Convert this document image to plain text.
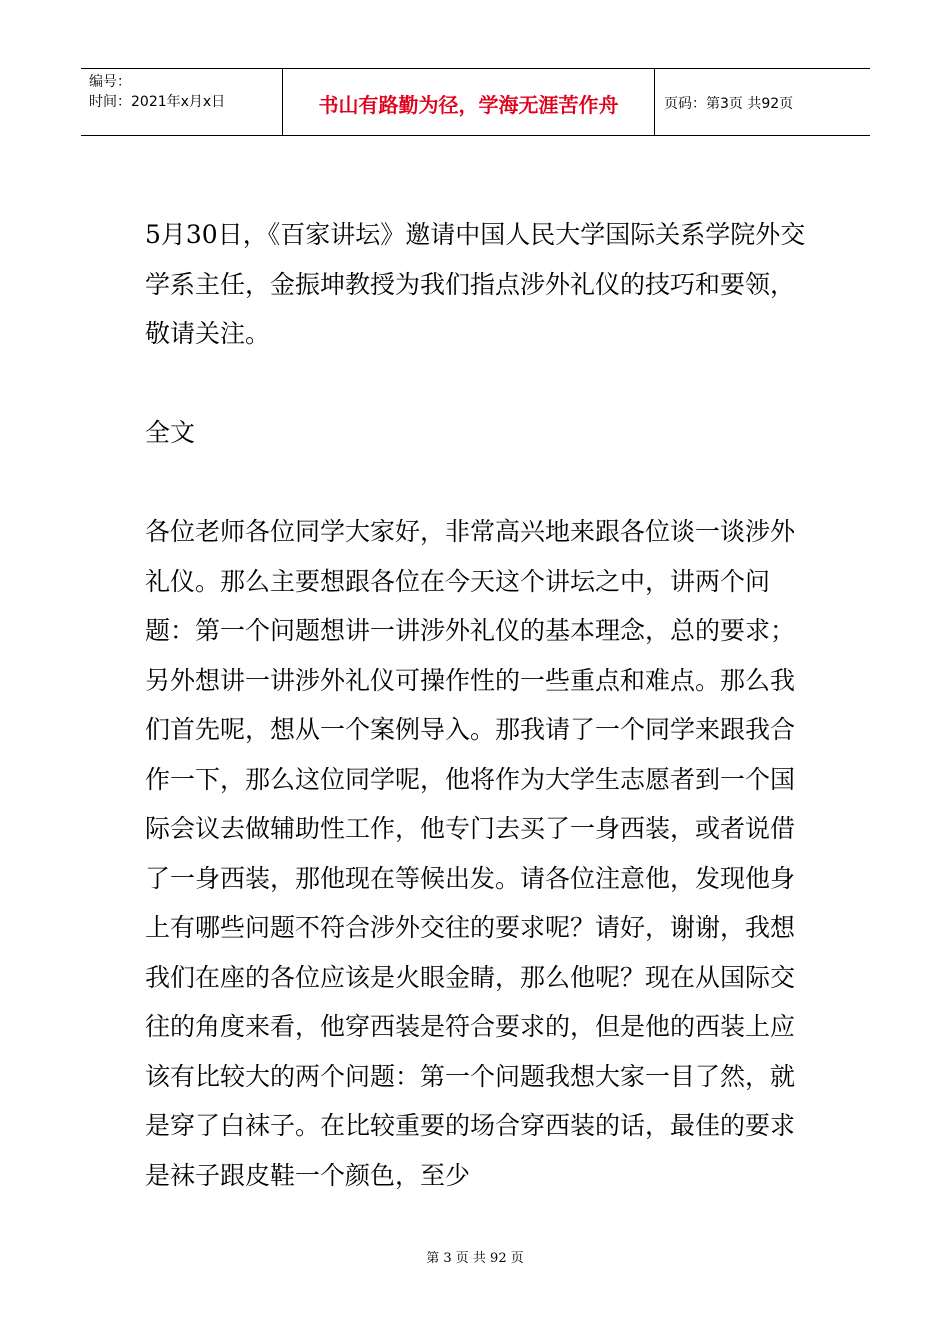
编号：
时间：2021年x月x日	书山有路勤为径，学海无涯苦作舟	页码：第3页 共92页

5月30日，《百家讲坛》邀请中国人民大学国际关系学院外交学系主任，金振坤教授为我们指点涉外礼仪的技巧和要领，敬请关注。

全文

各位老师各位同学大家好，非常高兴地来跟各位谈一谈涉外礼仪。那么主要想跟各位在今天这个讲坛之中，讲两个问题：第一个问题想讲一讲涉外礼仪的基本理念，总的要求；另外想讲一讲涉外礼仪可操作性的一些重点和难点。那么我们首先呢，想从一个案例导入。那我请了一个同学来跟我合作一下，那么这位同学呢，他将作为大学生志愿者到一个国际会议去做辅助性工作，他专门去买了一身西装，或者说借了一身西装，那他现在等候出发。请各位注意他，发现他身上有哪些问题不符合涉外交往的要求呢？请好，谢谢，我想我们在座的各位应该是火眼金睛，那么他呢？现在从国际交往的角度来看，他穿西装是符合要求的，但是他的西装上应该有比较大的两个问题：第一个问题我想大家一目了然，就是穿了白袜子。在比较重要的场合穿西装的话，最佳的要求是袜子跟皮鞋一个颜色，至少

第 3 页 共 92 页
